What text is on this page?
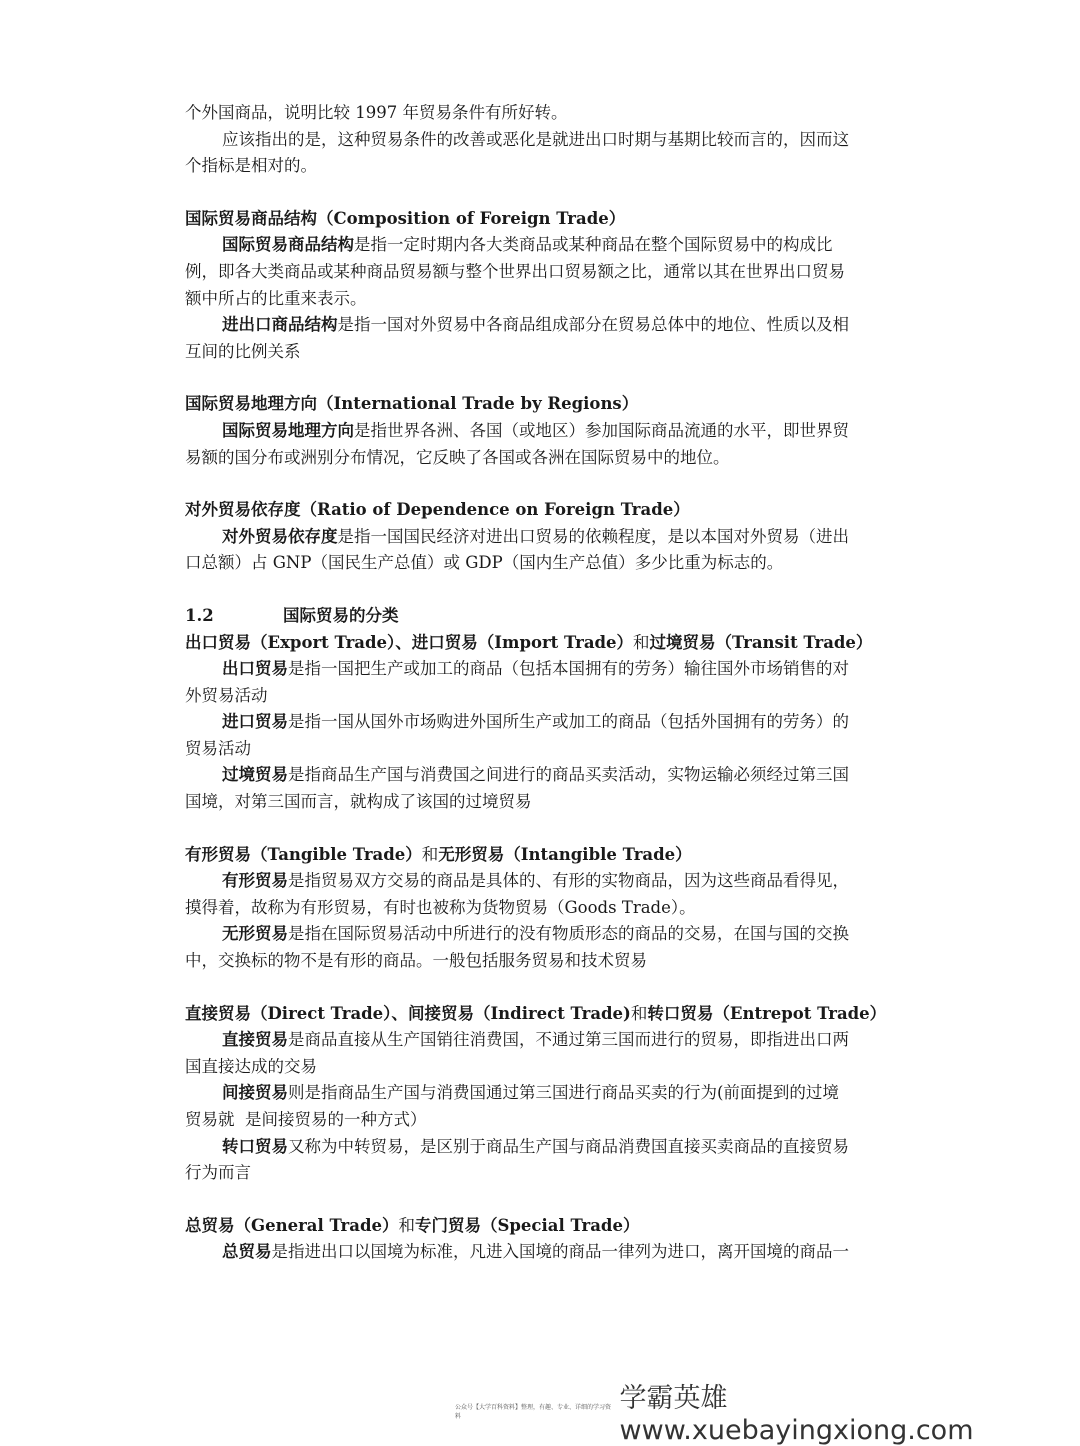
个外国商品，说明比较 1997 年贸易条件有所好转。
应该指出的是，这种贸易条件的改善或恶化是就进出口时期与基期比较而言的，因而这
个指标是相对的。
国际贸易商品结构（Composition of Foreign Trade）
国际贸易商品结构是指一定时期内各大类商品或某种商品在整个国际贸易中的构成比
例，即各大类商品或某种商品贸易额与整个世界出口贸易额之比，通常以其在世界出口贸易
额中所占的比重来表示。
进出口商品结构是指一国对外贸易中各商品组成部分在贸易总体中的地位、性质以及相
互间的比例关系
国际贸易地理方向（International Trade by Regions）
国际贸易地理方向是指世界各洲、各国（或地区）参加国际商品流通的水平，即世界贸
易额的国分布或洲别分布情况，它反映了各国或各洲在国际贸易中的地位。
对外贸易依存度（Ratio of Dependence on Foreign Trade）
对外贸易依存度是指一国国民经济对进出口贸易的依赖程度，是以本国对外贸易（进出
口总额）占 GNP（国民生产总值）或 GDP（国内生产总值）多少比重为标志的。
1.2	国际贸易的分类
出口贸易（Export Trade）、进口贸易（Import Trade）和过境贸易（Transit Trade）
出口贸易是指一国把生产或加工的商品（包括本国拥有的劳务）输往国外市场销售的对
外贸易活动
进口贸易是指一国从国外市场购进外国所生产或加工的商品（包括外国拥有的劳务）的
贸易活动
过境贸易是指商品生产国与消费国之间进行的商品买卖活动，实物运输必须经过第三国
国境，对第三国而言，就构成了该国的过境贸易
有形贸易（Tangible Trade）和无形贸易（Intangible Trade）
有形贸易是指贸易双方交易的商品是具体的、有形的实物商品，因为这些商品看得见，
摸得着，故称为有形贸易，有时也被称为货物贸易（Goods Trade）。
无形贸易是指在国际贸易活动中所进行的没有物质形态的商品的交易，在国与国的交换
中，交换标的物不是有形的商品。一般包括服务贸易和技术贸易
直接贸易（Direct Trade）、间接贸易（Indirect Trade)和转口贸易（Entrepot Trade）
直接贸易是商品直接从生产国销往消费国，不通过第三国而进行的贸易，即指进出口两
国直接达成的交易
间接贸易则是指商品生产国与消费国通过第三国进行商品买卖的行为(前面提到的过境
贸易就  是间接贸易的一种方式）
转口贸易又称为中转贸易，是区别于商品生产国与商品消费国直接买卖商品的直接贸易
行为而言
总贸易（General Trade）和专门贸易（Special Trade）
总贸易是指进出口以国境为标准，凡进入国境的商品一律列为进口，离开国境的商品一
公众号【大学百科资料】整理，有趣、专业、详细的学习资料
学霸英雄 www.xuebayingxiong.com
